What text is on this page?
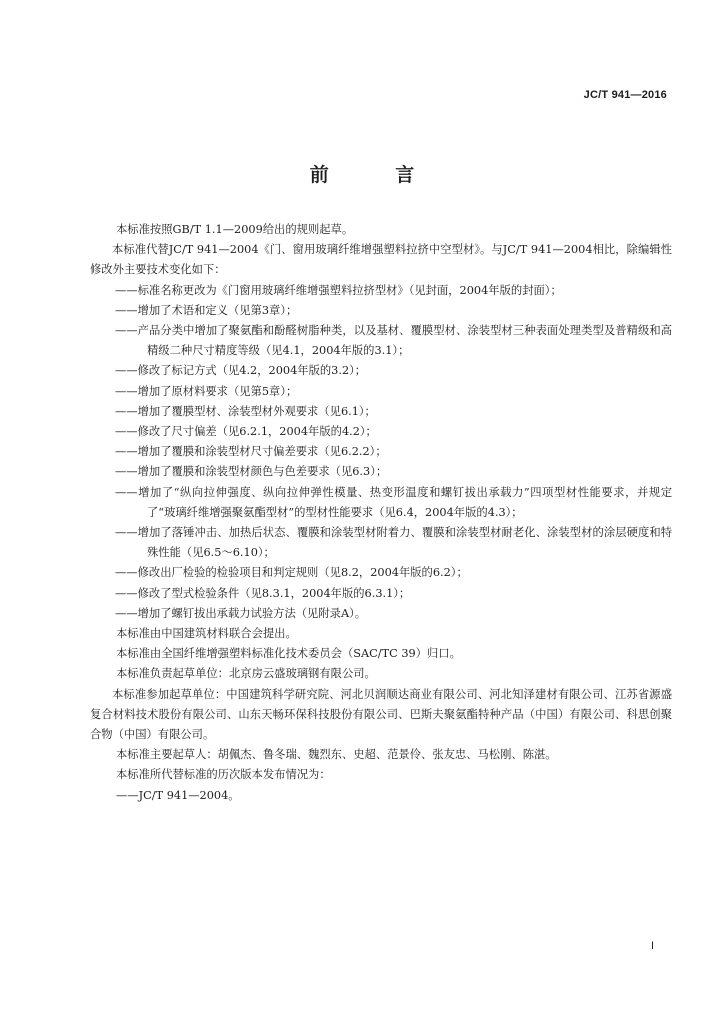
JC/T 941—2016
前 言

本标准按照GB/T 1.1—2009给出的规则起草。

本标准代替JC/T 941—2004《门、窗用玻璃纤维增强塑料拉挤中空型材》。与JC/T 941—2004相比，除编辑性修改外主要技术变化如下：

——标准名称更改为《门窗用玻璃纤维增强塑料拉挤型材》（见封面，2004年版的封面）；
——增加了术语和定义（见第3章）；
——产品分类中增加了聚氨酯和酚醛树脂种类，以及基材、覆膜型材、涂装型材三种表面处理类型及普精级和高精级二种尺寸精度等级（见4.1，2004年版的3.1）；
——修改了标记方式（见4.2，2004年版的3.2）；
——增加了原材料要求（见第5章）；
——增加了覆膜型材、涂装型材外观要求（见6.1）；
——修改了尺寸偏差（见6.2.1，2004年版的4.2）；
——增加了覆膜和涂装型材尺寸偏差要求（见6.2.2）；
——增加了覆膜和涂装型材颜色与色差要求（见6.3）；
——增加了“纵向拉伸强度、纵向拉伸弹性模量、热变形温度和螺钉拔出承载力”四项型材性能要求，并规定了“玻璃纤维增强聚氨酯型材”的型材性能要求（见6.4，2004年版的4.3）；
——增加了落锤冲击、加热后状态、覆膜和涂装型材附着力、覆膜和涂装型材耐老化、涂装型材的涂层硬度和特殊性能（见6.5～6.10）；
——修改出厂检验的检验项目和判定规则（见8.2，2004年版的6.2）；
——修改了型式检验条件（见8.3.1，2004年版的6.3.1）；
——增加了螺钉拔出承载力试验方法（见附录A）。

本标准由中国建筑材料联合会提出。

本标准由全国纤维增强塑料标准化技术委员会（SAC/TC 39）归口。

本标准负责起草单位：北京房云盛玻璃钢有限公司。

本标准参加起草单位：中国建筑科学研究院、河北贝润顺达商业有限公司、河北知泽建材有限公司、江苏省源盛复合材料技术股份有限公司、山东天畅环保科技股份有限公司、巴斯夫聚氨酯特种产品（中国）有限公司、科思创聚合物（中国）有限公司。

本标准主要起草人：胡佩杰、鲁冬瑞、魏烈东、史超、范景伶、张友忠、马松刚、陈湛。

本标准所代替标准的历次版本发布情况为：

——JC/T 941—2004。

I
